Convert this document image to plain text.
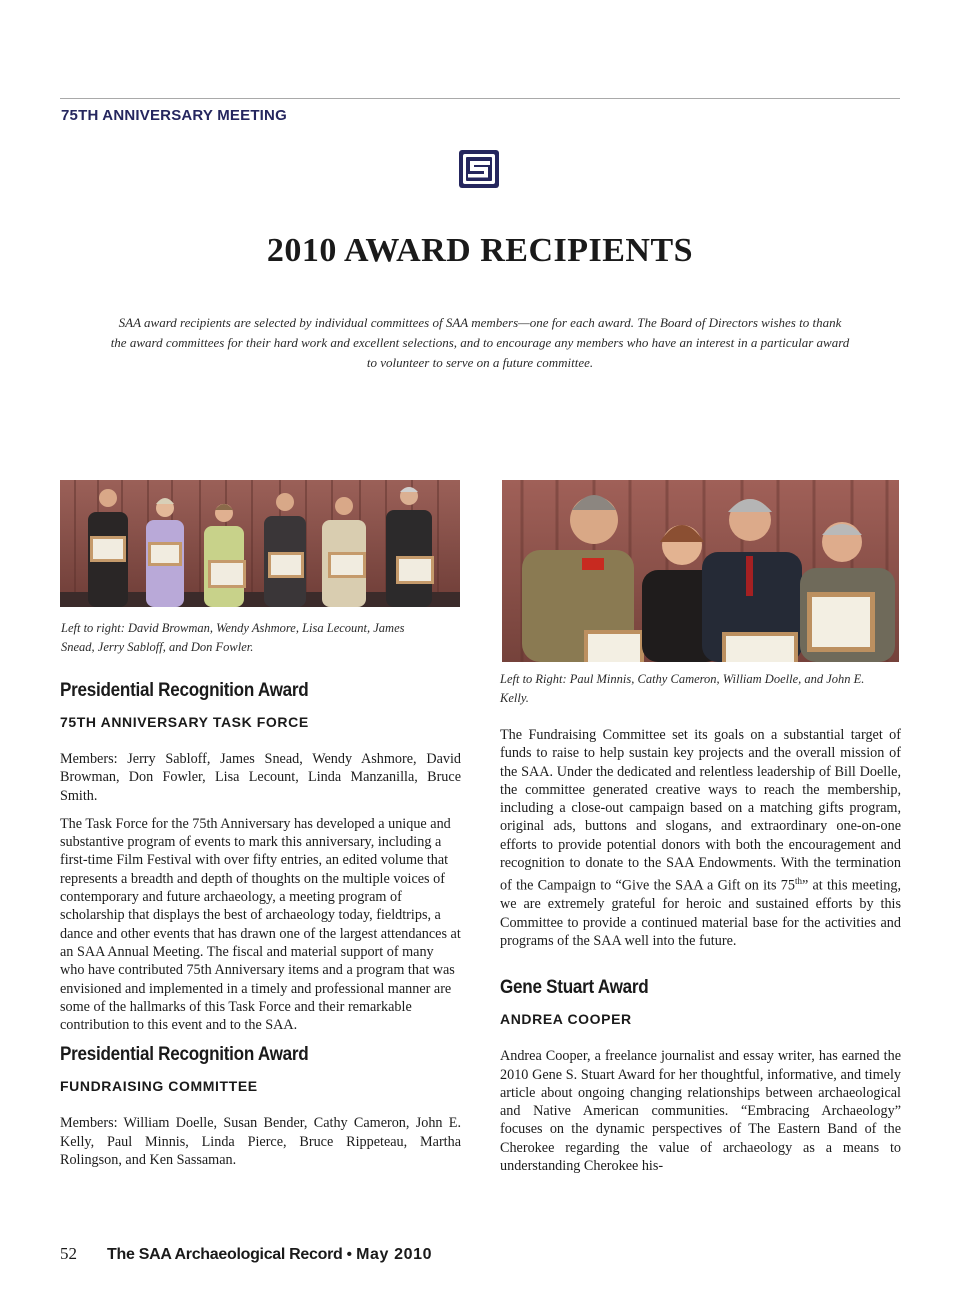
75TH ANNIVERSARY MEETING
2010 AWARD RECIPIENTS
SAA award recipients are selected by individual committees of SAA members—one for each award. The Board of Directors wishes to thank
the award committees for their hard work and excellent selections, and to encourage any members who have an interest in a particular award
to volunteer to serve on a future committee.
Left to right: David Browman, Wendy Ashmore, Lisa Lecount, James
Snead, Jerry Sabloff, and Don Fowler.
Left to Right: Paul Minnis, Cathy Cameron, William Doelle, and John E.
Kelly.
Presidential Recognition Award
75TH ANNIVERSARY TASK FORCE

Members: Jerry Sabloff, James Snead, Wendy Ashmore, David Browman, Don Fowler, Lisa Lecount, Linda Manzanilla, Bruce Smith.

The Task Force for the 75th Anniversary has developed a unique and substantive program of events to mark this anniversary, including a first-time Film Festival with over fifty entries, an edited volume that represents a breadth and depth of thoughts on the multiple voices of contemporary and future archaeology, a meeting program of scholarship that displays the best of archaeology today, fieldtrips, a dance and other events that has drawn one of the largest attendances at an SAA Annual Meeting. The fiscal and material support of many who have contributed 75th Anniversary items and a program that was envisioned and implemented in a timely and professional manner are some of the hallmarks of this Task Force and their remarkable contribution to this event and to the SAA.

Presidential Recognition Award
FUNDRAISING COMMITTEE

Members: William Doelle, Susan Bender, Cathy Cameron, John E. Kelly, Paul Minnis, Linda Pierce, Bruce Rippeteau, Martha Rolingson, and Ken Sassaman.

The Fundraising Committee set its goals on a substantial target of funds to raise to help sustain key projects and the overall mission of the SAA. Under the dedicated and relentless leadership of Bill Doelle, the committee generated creative ways to reach the membership, including a close-out campaign based on a matching gifts program, original ads, buttons and slogans, and extraordinary one-on-one efforts to provide potential donors with both the encouragement and recognition to donate to the SAA Endowments. With the termination of the Campaign to “Give the SAA a Gift on its 75th” at this meeting, we are extremely grateful for heroic and sustained efforts by this Committee to provide a continued material base for the activities and programs of the SAA well into the future.

Gene Stuart Award
ANDREA COOPER

Andrea Cooper, a freelance journalist and essay writer, has earned the 2010 Gene S. Stuart Award for her thoughtful, informative, and timely article about ongoing changing relationships between archaeological and Native American communities. “Embracing Archaeology” focuses on the dynamic perspectives of The Eastern Band of the Cherokee regarding the value of archaeology as a means to understanding Cherokee his-

52 The SAA Archaeological Record • May 2010
